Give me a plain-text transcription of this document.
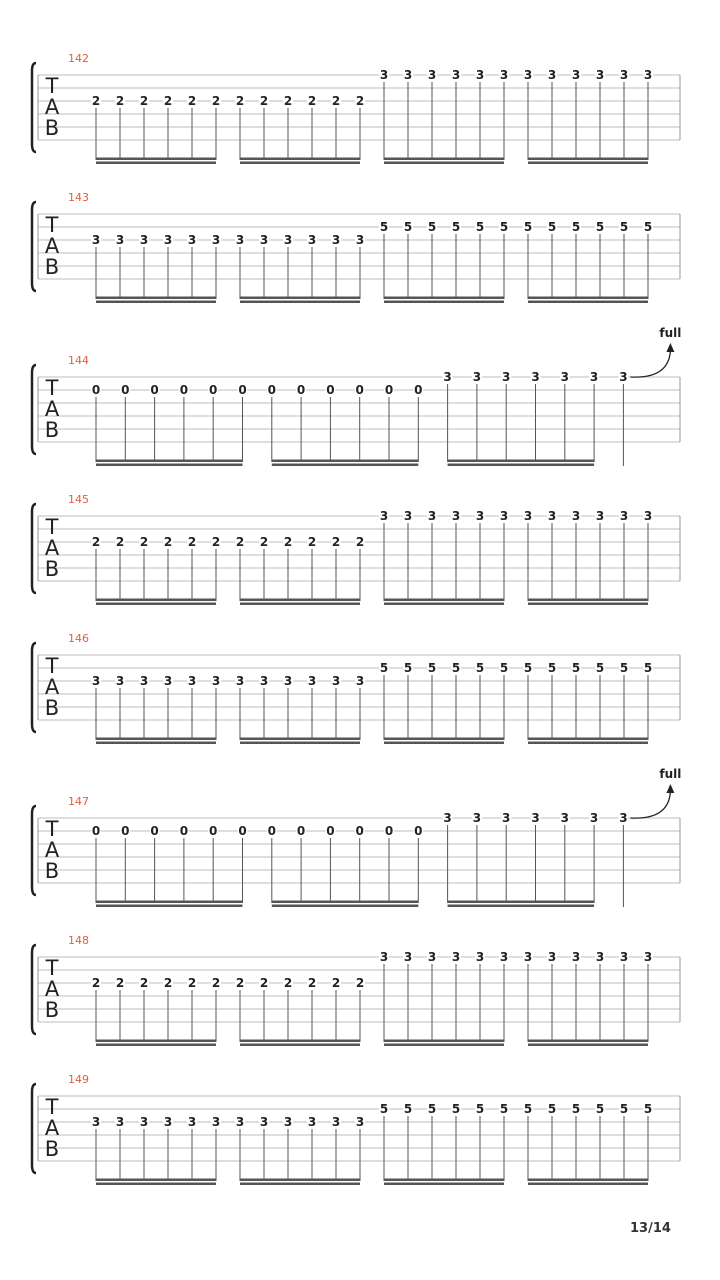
142
T
A
B
2 2 2 2 2 2 2 2 2 2 2 2
3 3 3 3 3 3 3 3 3 3 3 3
143
T
A
B
3 3 3 3 3 3 3 3 3 3 3 3
5 5 5 5 5 5 5 5 5 5 5 5
144
T
A
B
0 0 0 0 0 0 0 0 0 0 0 0
3 3 3 3 3 3 3
full
145
T
A
B
2 2 2 2 2 2 2 2 2 2 2 2
3 3 3 3 3 3 3 3 3 3 3 3
146
T
A
B
3 3 3 3 3 3 3 3 3 3 3 3
5 5 5 5 5 5 5 5 5 5 5 5
147
T
A
B
0 0 0 0 0 0 0 0 0 0 0 0
3 3 3 3 3 3 3
full
148
T
A
B
2 2 2 2 2 2 2 2 2 2 2 2
3 3 3 3 3 3 3 3 3 3 3 3
149
T
A
B
3 3 3 3 3 3 3 3 3 3 3 3
5 5 5 5 5 5 5 5 5 5 5 5
13/14
